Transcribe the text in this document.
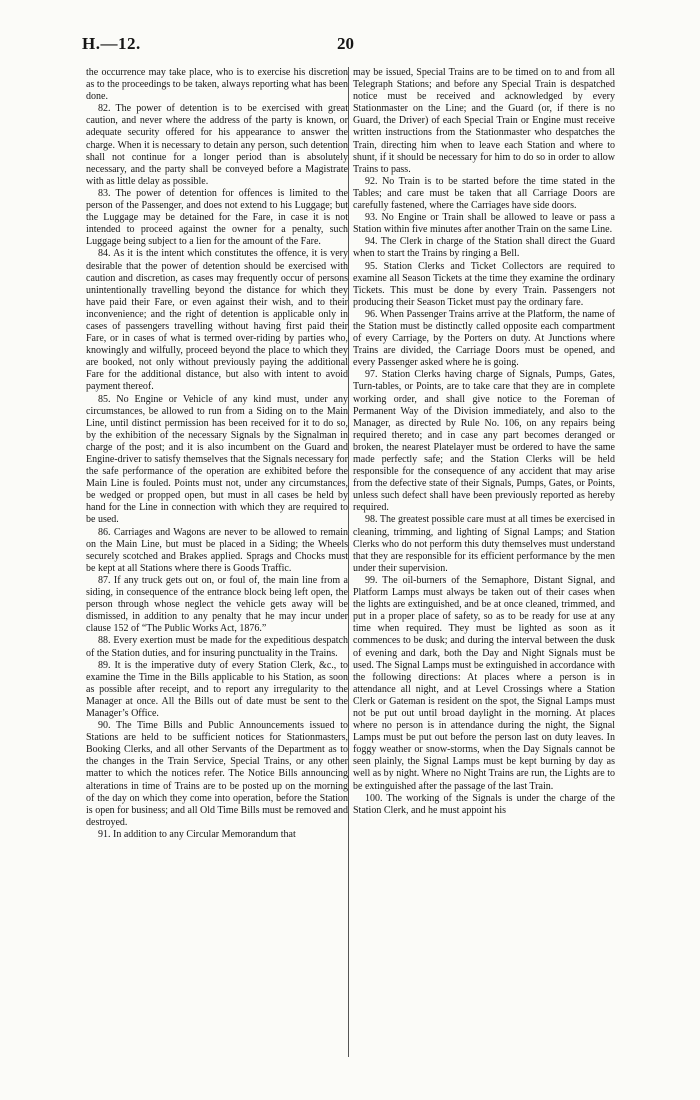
H.—12.	20

the occurrence may take place, who is to exercise his discretion as to the proceedings to be taken, always reporting what has been done.

82. The power of detention is to be exercised with great caution, and never where the address of the party is known, or adequate security offered for his appearance to answer the charge. When it is necessary to detain any person, such detention shall not continue for a longer period than is absolutely necessary, and the party shall be conveyed before a Magistrate with as little delay as possible.

83. The power of detention for offences is limited to the person of the Passenger, and does not extend to his Luggage; but the Luggage may be detained for the Fare, in case it is not intended to proceed against the owner for a penalty, such Luggage being subject to a lien for the amount of the Fare.

84. As it is the intent which constitutes the offence, it is very desirable that the power of detention should be exercised with caution and discretion, as cases may frequently occur of persons unintentionally travelling beyond the distance for which they have paid their Fare, or even against their wish, and to their inconvenience; and the right of detention is applicable only in cases of passengers travelling without having first paid their Fare, or in cases of what is termed over-riding by parties who, knowingly and wilfully, proceed beyond the place to which they are booked, not only without previously paying the additional Fare for the additional distance, but also with intent to avoid payment thereof.

85. No Engine or Vehicle of any kind must, under any circumstances, be allowed to run from a Siding on to the Main Line, until distinct permission has been received for it to do so, by the exhibition of the necessary Signals by the Signalman in charge of the post; and it is also incumbent on the Guard and Engine-driver to satisfy themselves that the Signals necessary for the safe performance of the operation are exhibited before the Main Line is fouled. Points must not, under any circumstances, be wedged or propped open, but must in all cases be held by hand for the Line in connection with which they are required to be used.

86. Carriages and Wagons are never to be allowed to remain on the Main Line, but must be placed in a Siding; the Wheels securely scotched and Brakes applied. Sprags and Chocks must be kept at all Stations where there is Goods Traffic.

87. If any truck gets out on, or foul of, the main line from a siding, in consequence of the entrance block being left open, the person through whose neglect the vehicle gets away will be dismissed, in addition to any penalty that he may incur under clause 152 of “The Public Works Act, 1876.”

88. Every exertion must be made for the expeditious despatch of the Station duties, and for insuring punctuality in the Trains.

89. It is the imperative duty of every Station Clerk, &c., to examine the Time in the Bills applicable to his Station, as soon as possible after receipt, and to report any irregularity to the Manager at once. All the Bills out of date must be sent to the Manager’s Office.

90. The Time Bills and Public Announcements issued to Stations are held to be sufficient notices for Stationmasters, Booking Clerks, and all other Servants of the Department as to the changes in the Train Service, Special Trains, or any other matter to which the notices refer. The Notice Bills announcing alterations in time of Trains are to be posted up on the morning of the day on which they come into operation, before the Station is open for business; and all Old Time Bills must be removed and destroyed.

91. In addition to any Circular Memorandum that

may be issued, Special Trains are to be timed on to and from all Telegraph Stations; and before any Special Train is despatched notice must be received and acknowledged by every Stationmaster on the Line; and the Guard (or, if there is no Guard, the Driver) of each Special Train or Engine must receive written instructions from the Stationmaster who despatches the Train, directing him when to leave each Station and where to shunt, if it should be necessary for him to do so in order to allow Trains to pass.

92. No Train is to be started before the time stated in the Tables; and care must be taken that all Carriage Doors are carefully fastened, where the Carriages have side doors.

93. No Engine or Train shall be allowed to leave or pass a Station within five minutes after another Train on the same Line.

94. The Clerk in charge of the Station shall direct the Guard when to start the Trains by ringing a Bell.

95. Station Clerks and Ticket Collectors are required to examine all Season Tickets at the time they examine the ordinary Tickets. This must be done by every Train. Passengers not producing their Season Ticket must pay the ordinary fare.

96. When Passenger Trains arrive at the Platform, the name of the Station must be distinctly called opposite each compartment of every Carriage, by the Porters on duty. At Junctions where Trains are divided, the Carriage Doors must be opened, and every Passenger asked where he is going.

97. Station Clerks having charge of Signals, Pumps, Gates, Turn-tables, or Points, are to take care that they are in complete working order, and shall give notice to the Foreman of Permanent Way of the Division immediately, and also to the Manager, as directed by Rule No. 106, on any repairs being required thereto; and in case any part becomes deranged or broken, the nearest Platelayer must be ordered to have the same made perfectly safe; and the Station Clerks will be held responsible for the consequence of any accident that may arise from the defective state of their Signals, Pumps, Gates, or Points, unless such defect shall have been previously reported as hereby required.

98. The greatest possible care must at all times be exercised in cleaning, trimming, and lighting of Signal Lamps; and Station Clerks who do not perform this duty themselves must understand that they are responsible for its efficient performance by the men under their supervision.

99. The oil-burners of the Semaphore, Distant Signal, and Platform Lamps must always be taken out of their cases when the lights are extinguished, and be at once cleaned, trimmed, and put in a proper place of safety, so as to be ready for use at any time when required. They must be lighted as soon as it commences to be dusk; and during the interval between the dusk of evening and dark, both the Day and Night Signals must be used. The Signal Lamps must be extinguished in accordance with the following directions: At places where a person is in attendance all night, and at Level Crossings where a Station Clerk or Gateman is resident on the spot, the Signal Lamps must not be put out until broad daylight in the morning. At places where no person is in attendance during the night, the Signal Lamps must be put out before the person last on duty leaves. In foggy weather or snow-storms, when the Day Signals cannot be seen plainly, the Signal Lamps must be kept burning by day as well as by night. Where no Night Trains are run, the Lights are to be extinguished after the passage of the last Train.

100. The working of the Signals is under the charge of the Station Clerk, and he must appoint his
